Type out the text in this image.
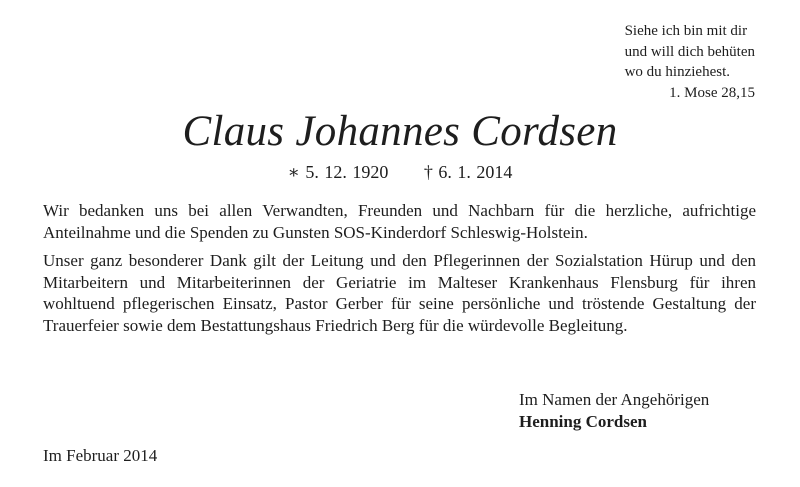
Siehe ich bin mit dir
und will dich behüten
wo du hinziehest.
1. Mose 28,15
Claus Johannes Cordsen
∗ 5. 12. 1920 † 6. 1. 2014

Wir bedanken uns bei allen Verwandten, Freunden und Nachbarn für die herzliche, aufrichtige Anteilnahme und die Spenden zu Gunsten SOS-Kinderdorf Schleswig-Holstein.

Unser ganz besonderer Dank gilt der Leitung und den Pflegerinnen der Sozialstation Hürup und den Mitarbeitern und Mitarbeiterinnen der Geriatrie im Malteser Krankenhaus Flensburg für ihren wohltuend pflegerischen Einsatz, Pastor Gerber für seine persönliche und tröstende Gestaltung der Trauerfeier sowie dem Bestattungshaus Friedrich Berg für die würdevolle Begleitung.

Im Namen der Angehörigen
Henning Cordsen
Im Februar 2014
